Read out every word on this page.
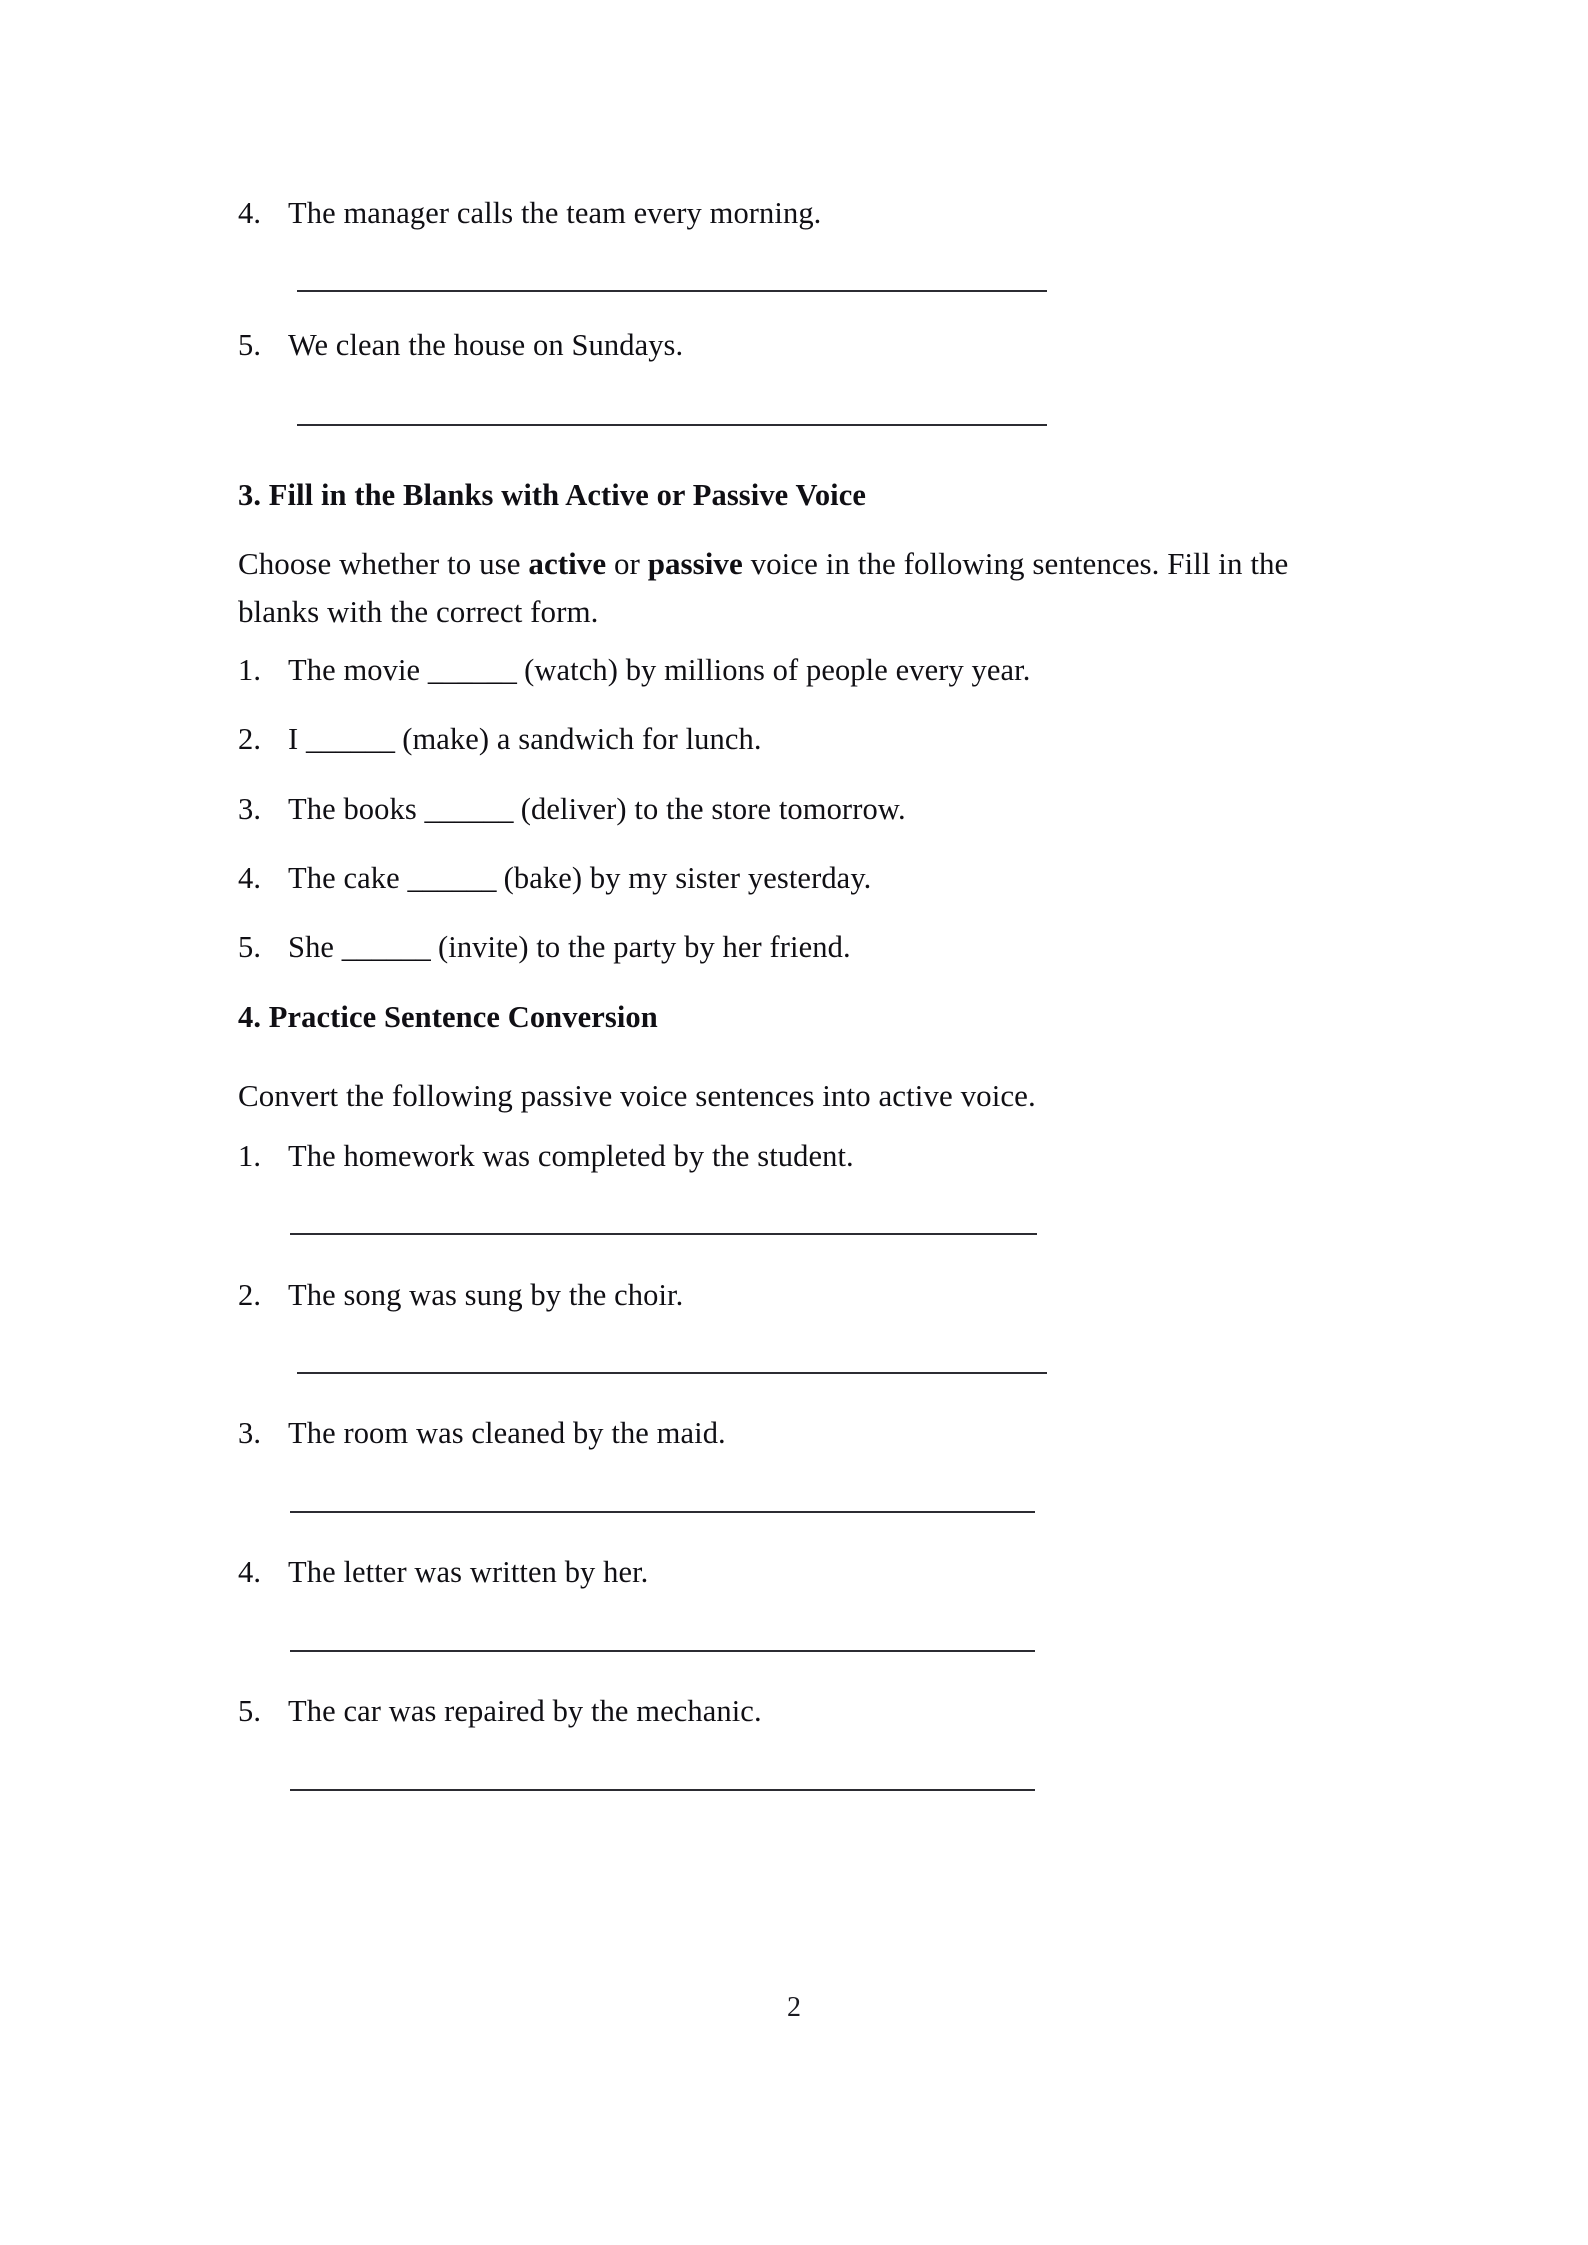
4. The manager calls the team every morning.
5. We clean the house on Sundays.
3. Fill in the Blanks with Active or Passive Voice
Choose whether to use active or passive voice in the following sentences. Fill in the blanks with the correct form.
1. The movie ______ (watch) by millions of people every year.
2. I ______ (make) a sandwich for lunch.
3. The books ______ (deliver) to the store tomorrow.
4. The cake ______ (bake) by my sister yesterday.
5. She ______ (invite) to the party by her friend.
4. Practice Sentence Conversion
Convert the following passive voice sentences into active voice.
1. The homework was completed by the student.
2. The song was sung by the choir.
3. The room was cleaned by the maid.
4. The letter was written by her.
5. The car was repaired by the mechanic.
2
